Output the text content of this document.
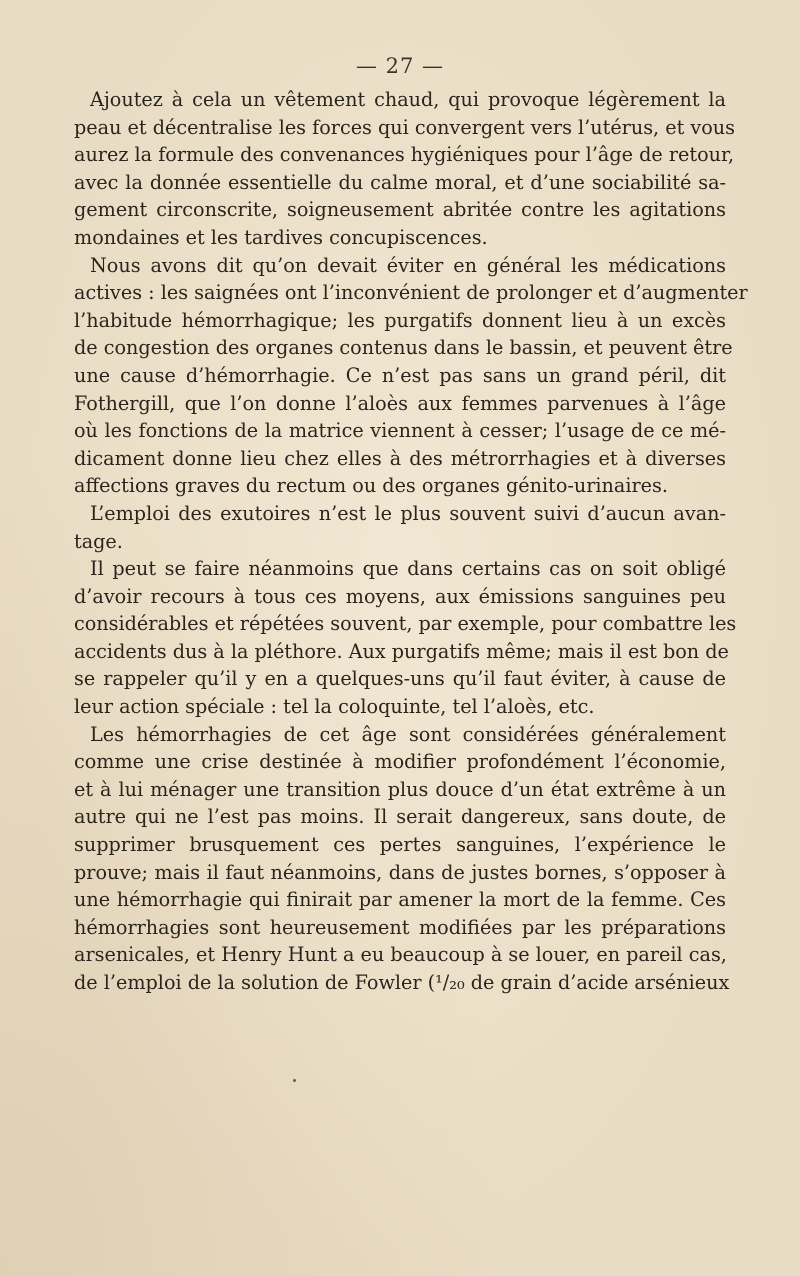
— 27 —
Ajoutez à cela un vêtement chaud, qui provoque légèrement la
peau et décentralise les forces qui convergent vers l’utérus, et vous
aurez la formule des convenances hygiéniques pour l’âge de retour,
avec la donnée essentielle du calme moral, et d’une sociabilité sa-
gement circonscrite, soigneusement abritée contre les agitations
mondaines et les tardives concupiscences.
Nous avons dit qu’on devait éviter en général les médications
actives : les saignées ont l’inconvénient de prolonger et d’augmenter
l’habitude hémorrhagique; les purgatifs donnent lieu à un excès
de congestion des organes contenus dans le bassin, et peuvent être
une cause d’hémorrhagie. Ce n’est pas sans un grand péril, dit
Fothergill, que l’on donne l’aloès aux femmes parvenues à l’âge
où les fonctions de la matrice viennent à cesser; l’usage de ce mé-
dicament donne lieu chez elles à des métrorrhagies et à diverses
affections graves du rectum ou des organes génito-urinaires.
L’emploi des exutoires n’est le plus souvent suivi d’aucun avan-
tage.
Il peut se faire néanmoins que dans certains cas on soit obligé
d’avoir recours à tous ces moyens, aux émissions sanguines peu
considérables et répétées souvent, par exemple, pour combattre les
accidents dus à la pléthore. Aux purgatifs même; mais il est bon de
se rappeler qu’il y en a quelques-uns qu’il faut éviter, à cause de
leur action spéciale : tel la coloquinte, tel l’aloès, etc.
Les hémorrhagies de cet âge sont considérées généralement
comme une crise destinée à modifier profondément l’économie,
et à lui ménager une transition plus douce d’un état extrême à un
autre qui ne l’est pas moins. Il serait dangereux, sans doute, de
supprimer brusquement ces pertes sanguines, l’expérience le
prouve; mais il faut néanmoins, dans de justes bornes, s’opposer à
une hémorrhagie qui finirait par amener la mort de la femme. Ces
hémorrhagies sont heureusement modifiées par les préparations
arsenicales, et Henry Hunt a eu beaucoup à se louer, en pareil cas,
de l’emploi de la solution de Fowler (¹/₂₀ de grain d’acide arsénieux
